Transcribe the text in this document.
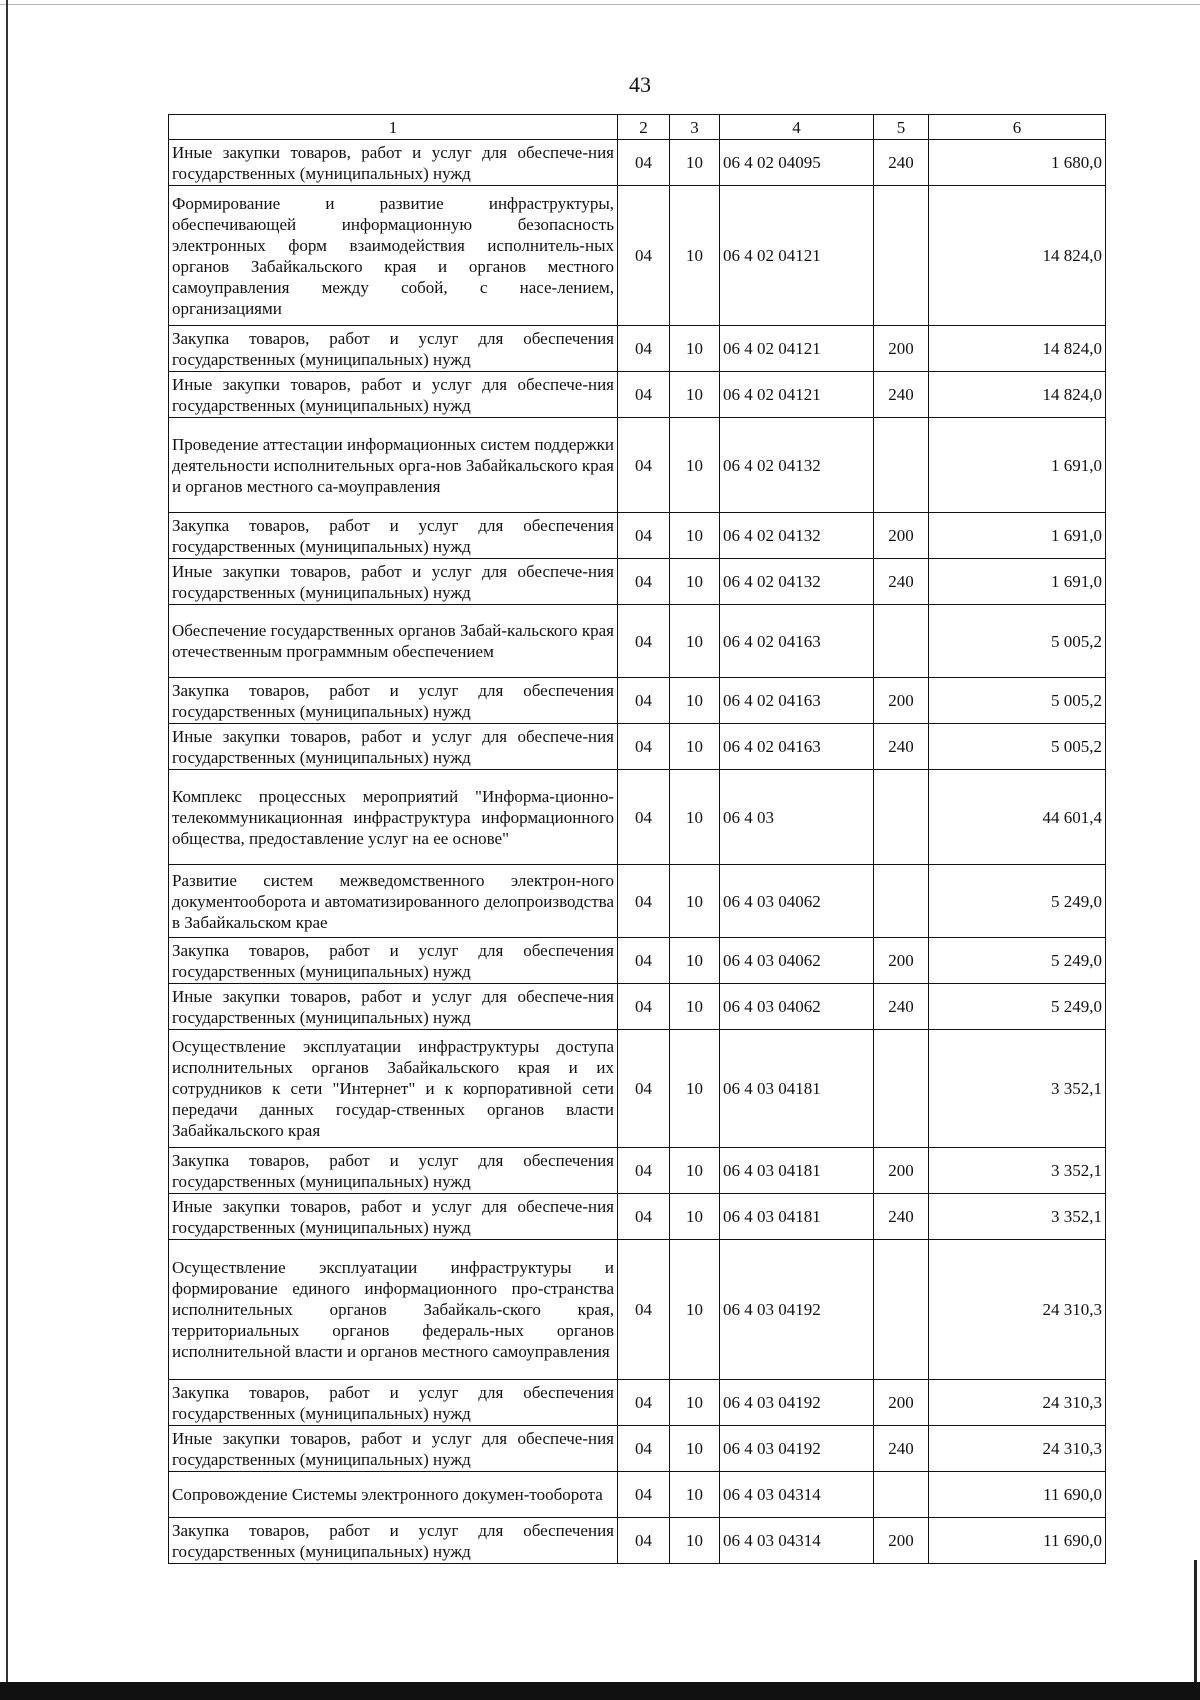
43
1	2	3	4	5	6
Иные закупки товаров, работ и услуг для обеспече-ния государственных (муниципальных) нужд	04	10	06 4 02 04095	240	1 680,0
Формирование и развитие инфраструктуры, обеспечивающей информационную безопасность электронных форм взаимодействия исполнитель-ных органов Забайкальского края и органов местного самоуправления между собой, с насе-лением, организациями	04	10	06 4 02 04121		14 824,0
Закупка товаров, работ и услуг для обеспечения государственных (муниципальных) нужд	04	10	06 4 02 04121	200	14 824,0
Иные закупки товаров, работ и услуг для обеспече-ния государственных (муниципальных) нужд	04	10	06 4 02 04121	240	14 824,0
Проведение аттестации информационных систем поддержки деятельности исполнительных орга-нов Забайкальского края и органов местного са-моуправления	04	10	06 4 02 04132		1 691,0
Закупка товаров, работ и услуг для обеспечения государственных (муниципальных) нужд	04	10	06 4 02 04132	200	1 691,0
Иные закупки товаров, работ и услуг для обеспече-ния государственных (муниципальных) нужд	04	10	06 4 02 04132	240	1 691,0
Обеспечение государственных органов Забай-кальского края отечественным программным обеспечением	04	10	06 4 02 04163		5 005,2
Закупка товаров, работ и услуг для обеспечения государственных (муниципальных) нужд	04	10	06 4 02 04163	200	5 005,2
Иные закупки товаров, работ и услуг для обеспече-ния государственных (муниципальных) нужд	04	10	06 4 02 04163	240	5 005,2
Комплекс процессных мероприятий "Информа-ционно-телекоммуникационная инфраструктура информационного общества, предоставление услуг на ее основе"	04	10	06 4 03		44 601,4
Развитие систем межведомственного электрон-ного документооборота и автоматизированного делопроизводства в Забайкальском крае	04	10	06 4 03 04062		5 249,0
Закупка товаров, работ и услуг для обеспечения государственных (муниципальных) нужд	04	10	06 4 03 04062	200	5 249,0
Иные закупки товаров, работ и услуг для обеспече-ния государственных (муниципальных) нужд	04	10	06 4 03 04062	240	5 249,0
Осуществление эксплуатации инфраструктуры доступа исполнительных органов Забайкальского края и их сотрудников к сети "Интернет" и к корпоративной сети передачи данных государ-ственных органов власти Забайкальского края	04	10	06 4 03 04181		3 352,1
Закупка товаров, работ и услуг для обеспечения государственных (муниципальных) нужд	04	10	06 4 03 04181	200	3 352,1
Иные закупки товаров, работ и услуг для обеспече-ния государственных (муниципальных) нужд	04	10	06 4 03 04181	240	3 352,1
Осуществление эксплуатации инфраструктуры и формирование единого информационного про-странства исполнительных органов Забайкаль-ского края, территориальных органов федераль-ных органов исполнительной власти и органов местного самоуправления	04	10	06 4 03 04192		24 310,3
Закупка товаров, работ и услуг для обеспечения государственных (муниципальных) нужд	04	10	06 4 03 04192	200	24 310,3
Иные закупки товаров, работ и услуг для обеспече-ния государственных (муниципальных) нужд	04	10	06 4 03 04192	240	24 310,3
Сопровождение Системы электронного докумен-тооборота	04	10	06 4 03 04314		11 690,0
Закупка товаров, работ и услуг для обеспечения государственных (муниципальных) нужд	04	10	06 4 03 04314	200	11 690,0
